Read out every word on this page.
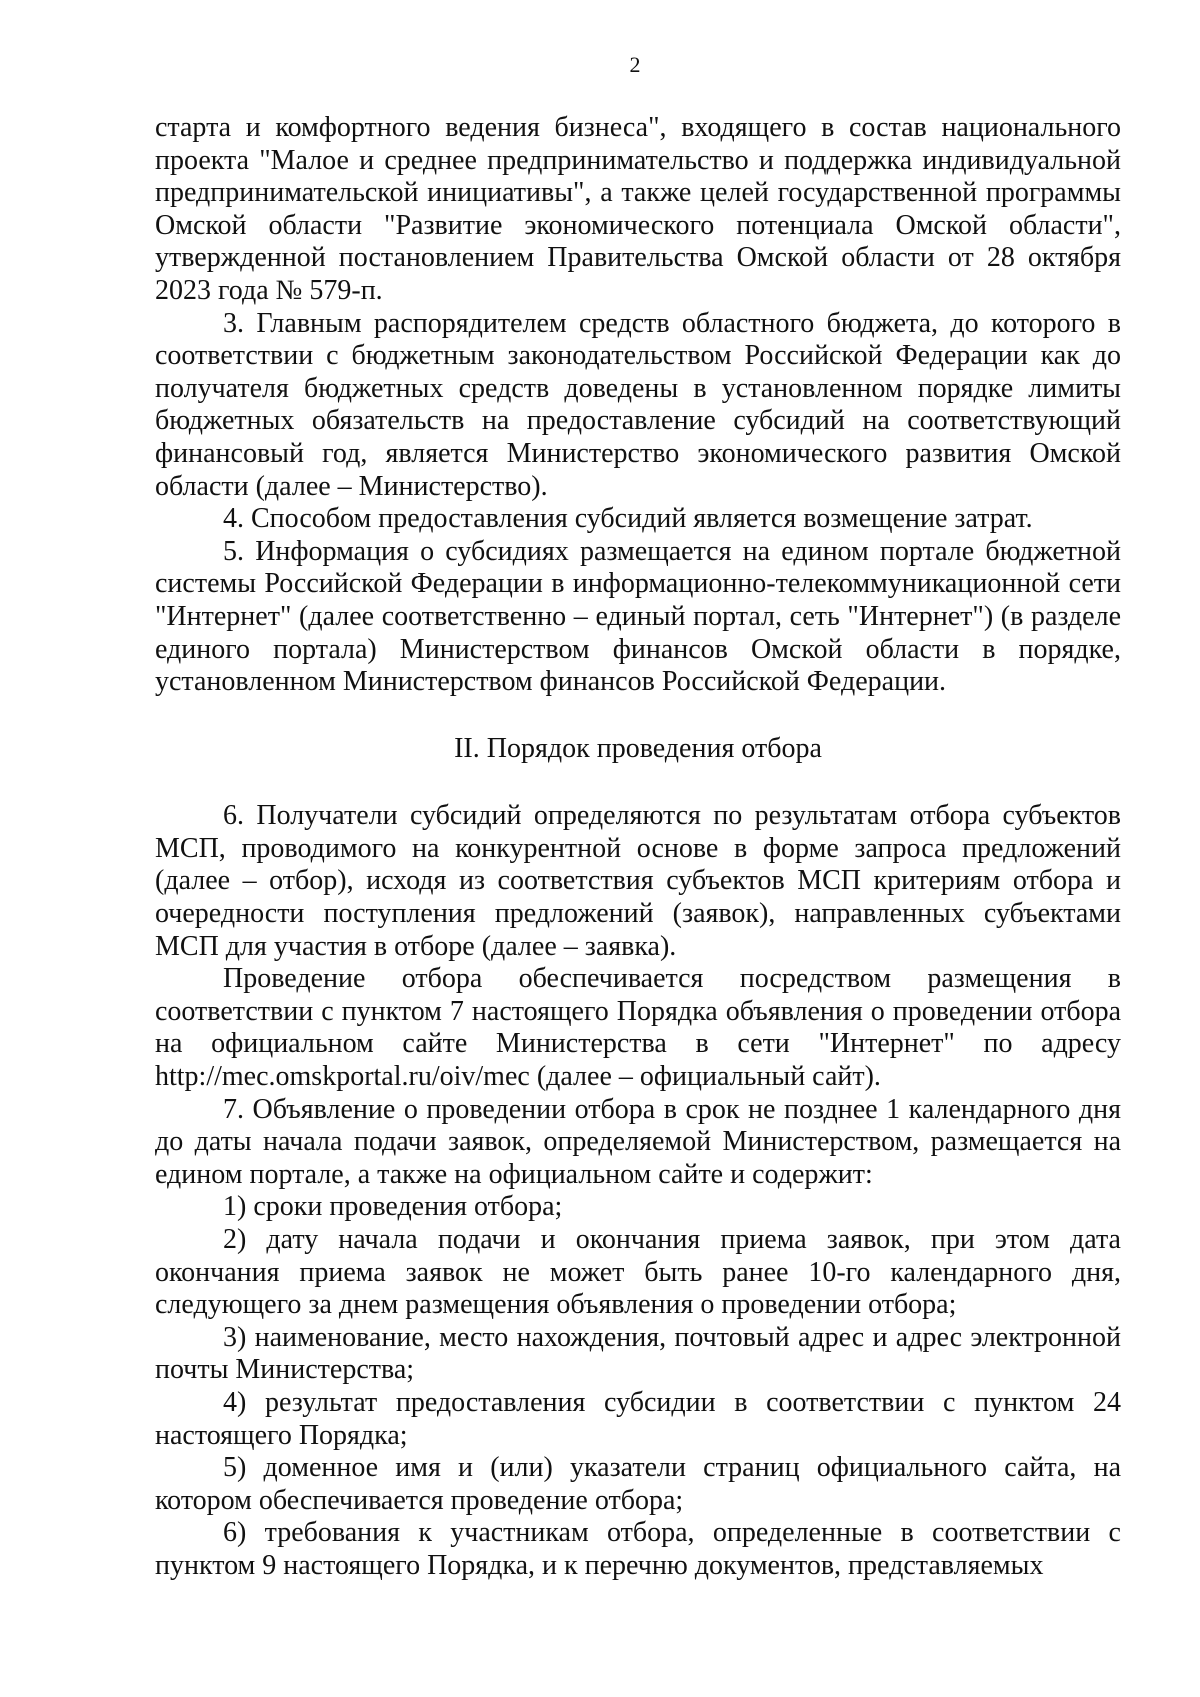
2

старта и комфортного ведения бизнеса", входящего в состав национального проекта "Малое и среднее предпринимательство и поддержка индивидуальной предпринимательской инициативы", а также целей государственной программы Омской области "Развитие экономического потенциала Омской области", утвержденной постановлением Правительства Омской области от 28 октября 2023 года № 579-п.

3. Главным распорядителем средств областного бюджета, до которого в соответствии с бюджетным законодательством Российской Федерации как до получателя бюджетных средств доведены в установленном порядке лимиты бюджетных обязательств на предоставление субсидий на соответствующий финансовый год, является Министерство экономического развития Омской области (далее – Министерство).

4. Способом предоставления субсидий является возмещение затрат.

5. Информация о субсидиях размещается на едином портале бюджетной системы Российской Федерации в информационно-телекоммуникационной сети "Интернет" (далее соответственно – единый портал, сеть "Интернет") (в разделе единого портала) Министерством финансов Омской области в порядке, установленном Министерством финансов Российской Федерации.

II. Порядок проведения отбора

6. Получатели субсидий определяются по результатам отбора субъектов МСП, проводимого на конкурентной основе в форме запроса предложений (далее – отбор), исходя из соответствия субъектов МСП критериям отбора и очередности поступления предложений (заявок), направленных субъектами МСП для участия в отборе (далее – заявка).

Проведение отбора обеспечивается посредством размещения в соответствии с пунктом 7 настоящего Порядка объявления о проведении отбора на официальном сайте Министерства в сети "Интернет" по адресу http://mec.omskportal.ru/oiv/mec (далее – официальный сайт).

7. Объявление о проведении отбора в срок не позднее 1 календарного дня до даты начала подачи заявок, определяемой Министерством, размещается на едином портале, а также на официальном сайте и содержит:

1) сроки проведения отбора;

2) дату начала подачи и окончания приема заявок, при этом дата окончания приема заявок не может быть ранее 10-го календарного дня, следующего за днем размещения объявления о проведении отбора;

3) наименование, место нахождения, почтовый адрес и адрес электронной почты Министерства;

4) результат предоставления субсидии в соответствии с пунктом 24 настоящего Порядка;

5) доменное имя и (или) указатели страниц официального сайта, на котором обеспечивается проведение отбора;

6) требования к участникам отбора, определенные в соответствии с пунктом 9 настоящего Порядка, и к перечню документов, представляемых
